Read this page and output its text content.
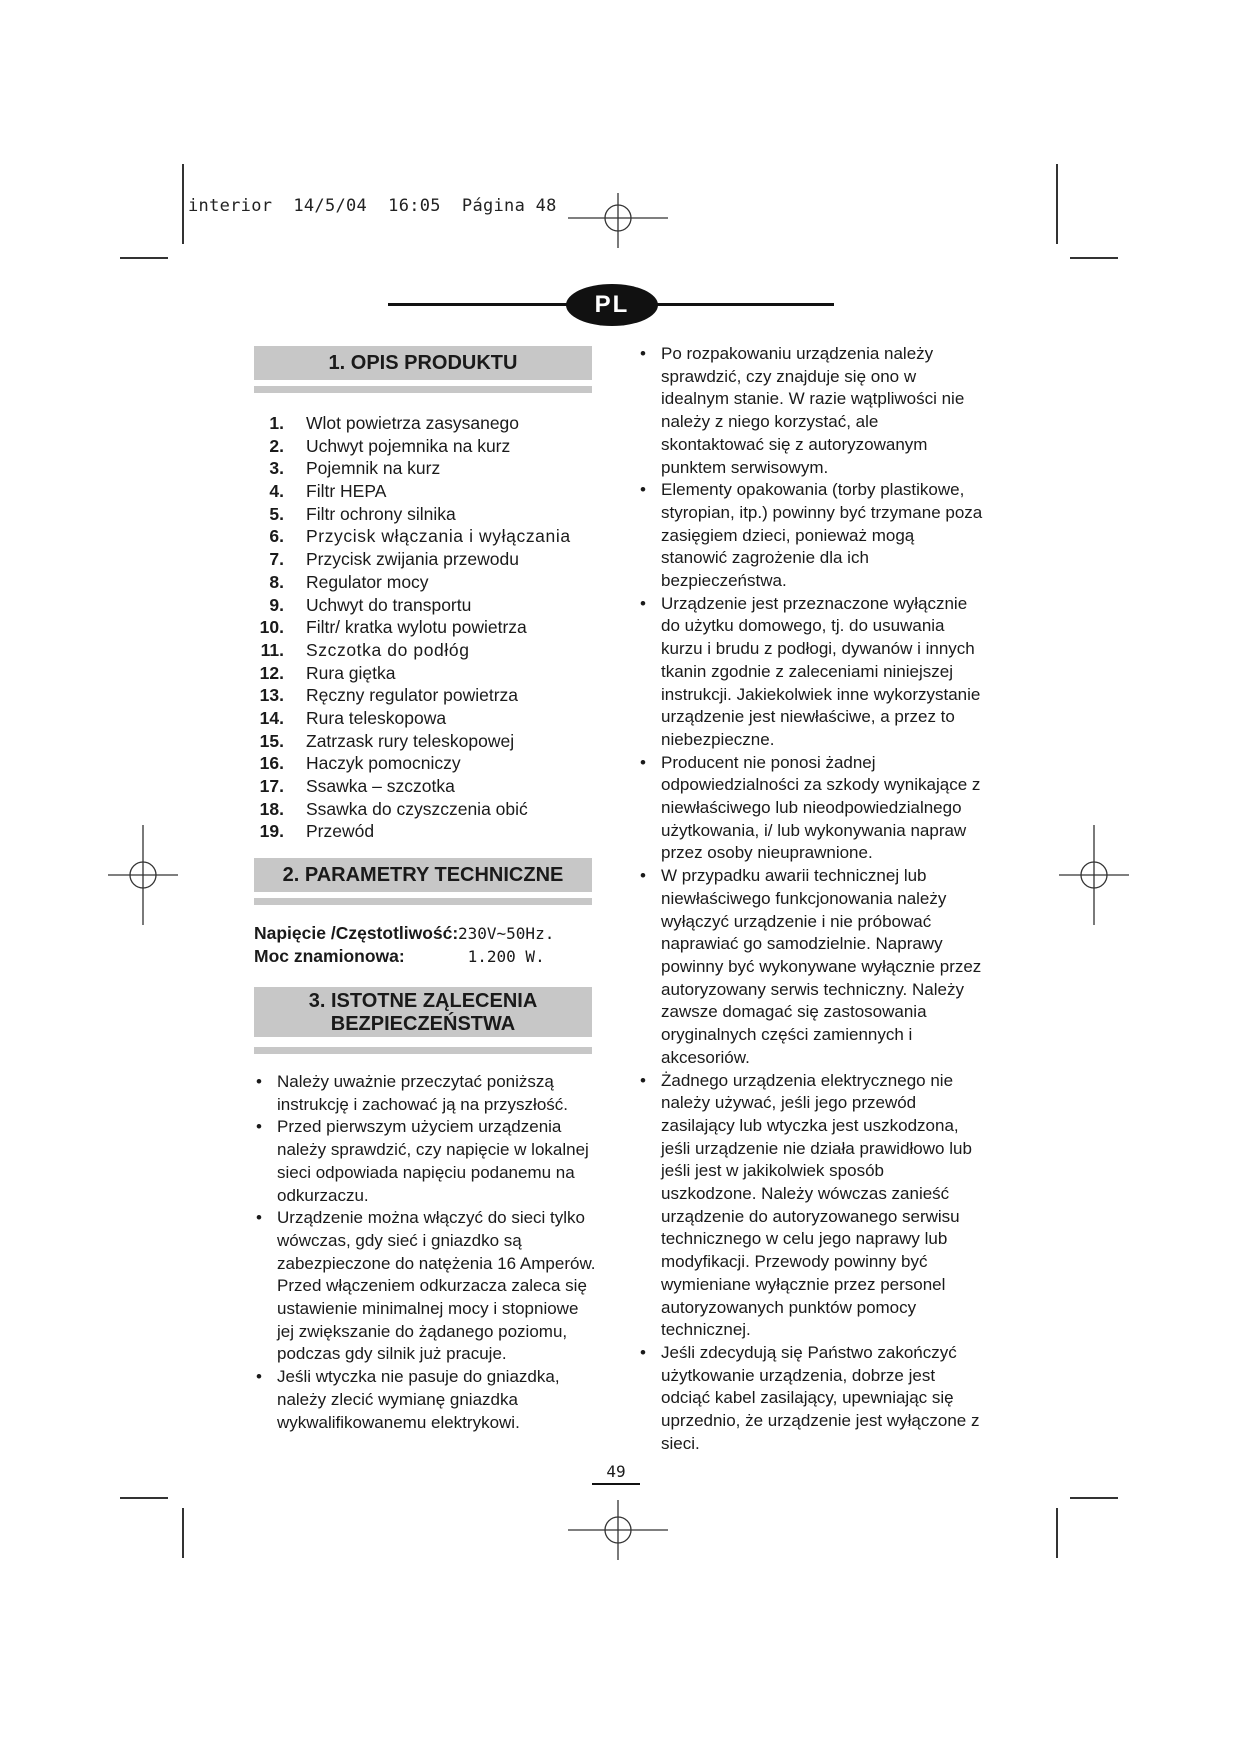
interior  14/5/04  16:05  Página 48
PL
1. OPIS PRODUKTU
1. Wlot powietrza zasysanego
2. Uchwyt pojemnika na kurz
3. Pojemnik na kurz
4. Filtr HEPA
5. Filtr ochrony silnika
6. Przycisk włączania i wyłączania
7. Przycisk zwijania przewodu
8. Regulator mocy
9. Uchwyt do transportu
10. Filtr/ kratka wylotu powietrza
11. Szczotka do podłóg
12. Rura giętka
13. Ręczny regulator powietrza
14. Rura teleskopowa
15. Zatrzask rury teleskopowej
16. Haczyk pomocniczy
17. Ssawka – szczotka
18. Ssawka do czyszczenia obić
19. Przewód
2. PARAMETRY TECHNICZNE
Napięcie /Częstotliwość:230V~50Hz.
Moc znamionowa:	1.200 W.
3. ISTOTNE ZĄLECENIA
BEZPIECZEŃSTWA
• Należy uważnie przeczytać poniższą instrukcję i zachować ją na przyszłość.
• Przed pierwszym użyciem urządzenia należy sprawdzić, czy napięcie w lokalnej sieci odpowiada napięciu podanemu na odkurzaczu.
• Urządzenie można włączyć do sieci tylko wówczas, gdy sieć i gniazdko są zabezpieczone do natężenia 16 Amperów. Przed włączeniem odkurzacza zaleca się ustawienie minimalnej mocy i stopniowe jej zwiększanie do żądanego poziomu, podczas gdy silnik już pracuje.
• Jeśli wtyczka nie pasuje do gniazdka, należy zlecić wymianę gniazdka wykwalifikowanemu elektrykowi.
• Po rozpakowaniu urządzenia należy sprawdzić, czy znajduje się ono w idealnym stanie. W razie wątpliwości nie należy z niego korzystać, ale skontaktować się z autoryzowanym punktem serwisowym.
• Elementy opakowania (torby plastikowe, styropian, itp.) powinny być trzymane poza zasięgiem dzieci, ponieważ mogą stanowić zagrożenie dla ich bezpieczeństwa.
• Urządzenie jest przeznaczone wyłącznie do użytku domowego, tj. do usuwania kurzu i brudu z podłogi, dywanów i innych tkanin zgodnie z zaleceniami niniejszej instrukcji. Jakiekolwiek inne wykorzystanie urządzenie jest niewłaściwe, a przez to niebezpieczne.
• Producent nie ponosi żadnej odpowiedzialności za szkody wynikające z niewłaściwego lub nieodpowiedzialnego użytkowania, i/ lub wykonywania napraw przez osoby nieuprawnione.
• W przypadku awarii technicznej lub niewłaściwego funkcjonowania należy wyłączyć urządzenie i nie próbować naprawiać go samodzielnie. Naprawy powinny być wykonywane wyłącznie przez autoryzowany serwis techniczny. Należy zawsze domagać się zastosowania oryginalnych części zamiennych i akcesoriów.
• Żadnego urządzenia elektrycznego nie należy używać, jeśli jego przewód zasilający lub wtyczka jest uszkodzona, jeśli urządzenie nie działa prawidłowo lub jeśli jest w jakikolwiek sposób uszkodzone. Należy wówczas zanieść urządzenie do autoryzowanego serwisu technicznego w celu jego naprawy lub modyfikacji. Przewody powinny być wymieniane wyłącznie przez personel autoryzowanych punktów pomocy technicznej.
• Jeśli zdecydują się Państwo zakończyć użytkowanie urządzenia, dobrze jest odciąć kabel zasilający, upewniając się uprzednio, że urządzenie jest wyłączone z sieci.
49
